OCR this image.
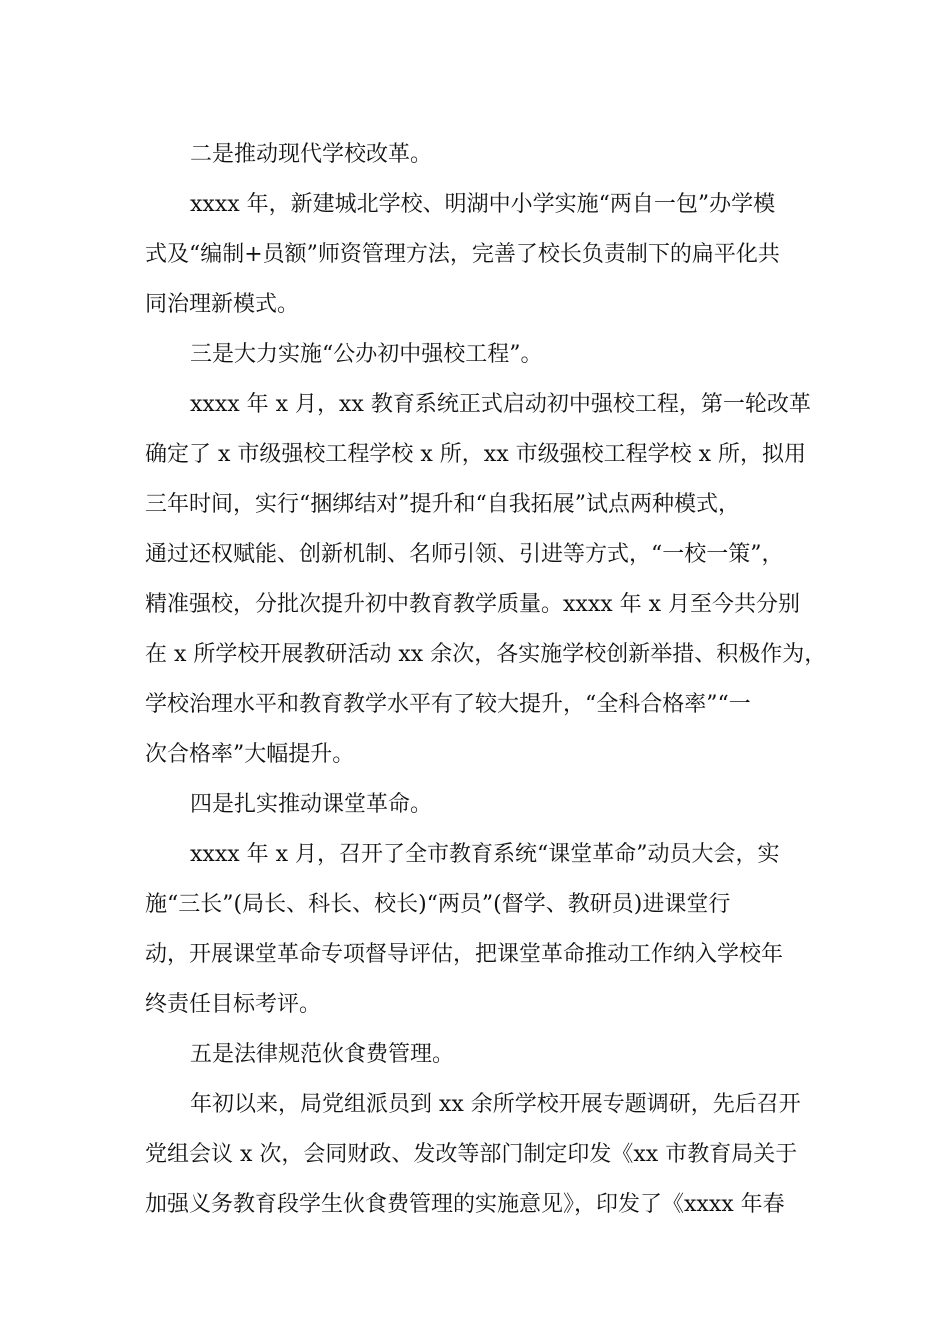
二是推动现代学校改革。

xxxx 年，新建城北学校、明湖中小学实施“两自一包”办学模
式及“编制+员额”师资管理方法，完善了校长负责制下的扁平化共
同治理新模式。

三是大力实施“公办初中强校工程”。

xxxx 年 x 月，xx 教育系统正式启动初中强校工程，第一轮改革
确定了 x 市级强校工程学校 x 所，xx 市级强校工程学校 x 所，拟用
三年时间，实行“捆绑结对”提升和“自我拓展”试点两种模式，
通过还权赋能、创新机制、名师引领、引进等方式，“一校一策”，
精准强校，分批次提升初中教育教学质量。xxxx 年 x 月至今共分别
在 x 所学校开展教研活动 xx 余次，各实施学校创新举措、积极作为，
学校治理水平和教育教学水平有了较大提升，“全科合格率”“一
次合格率”大幅提升。

四是扎实推动课堂革命。

xxxx 年 x 月，召开了全市教育系统“课堂革命”动员大会，实
施“三长”(局长、科长、校长)“两员”(督学、教研员)进课堂行
动，开展课堂革命专项督导评估，把课堂革命推动工作纳入学校年
终责任目标考评。

五是法律规范伙食费管理。

年初以来，局党组派员到 xx 余所学校开展专题调研，先后召开
党组会议 x 次，会同财政、发改等部门制定印发《xx 市教育局关于
加强义务教育段学生伙食费管理的实施意见》，印发了《xxxx 年春
